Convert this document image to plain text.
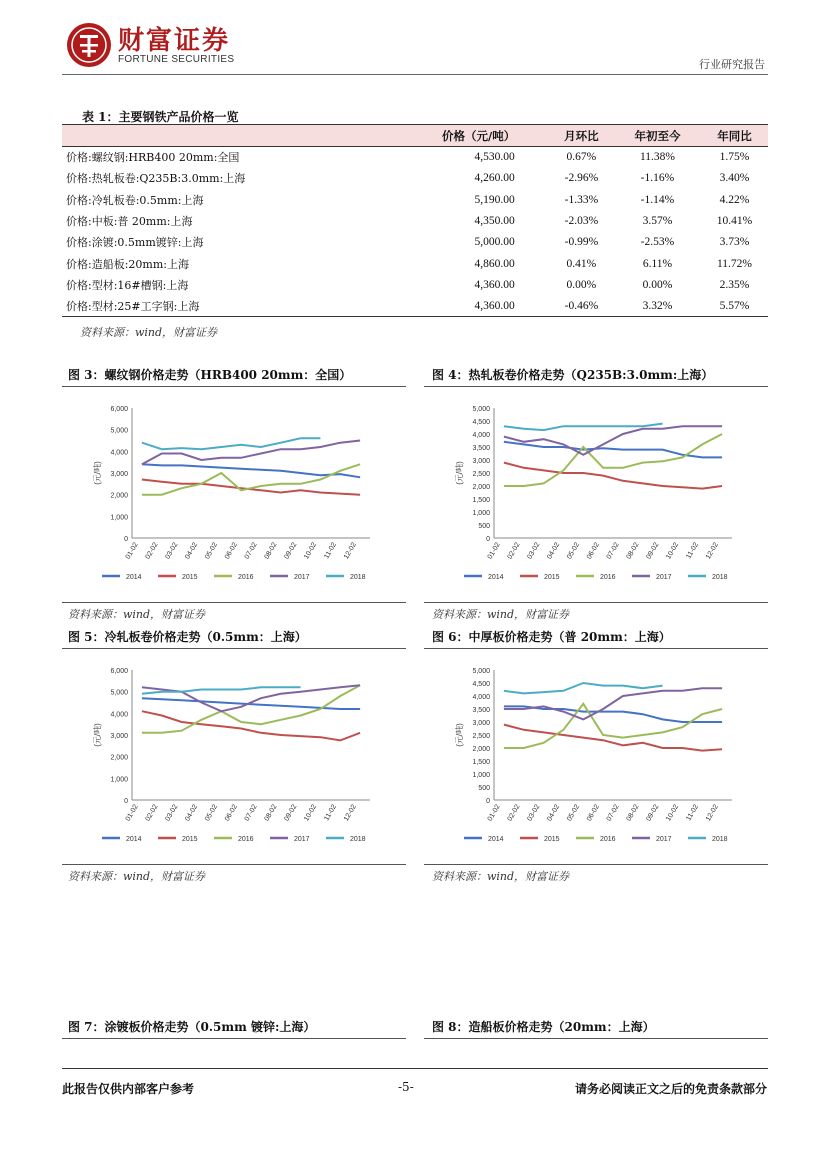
财富证券
FORTUNE SECURITIES	行业研究报告
表 1：主要钢铁产品价格一览
	价格（元/吨）	月环比	年初至今	年同比
价格:螺纹钢:HRB400 20mm:全国	4,530.00	0.67%	11.38%	1.75%
价格:热轧板卷:Q235B:3.0mm:上海	4,260.00	-2.96%	-1.16%	3.40%
价格:冷轧板卷:0.5mm:上海	5,190.00	-1.33%	-1.14%	4.22%
价格:中板:普 20mm:上海	4,350.00	-2.03%	3.57%	10.41%
价格:涂镀:0.5mm镀锌:上海	5,000.00	-0.99%	-2.53%	3.73%
价格:造船板:20mm:上海	4,860.00	0.41%	6.11%	11.72%
价格:型材:16#槽钢:上海	4,360.00	0.00%	0.00%	2.35%
价格:型材:25#工字钢:上海	4,360.00	-0.46%	3.32%	5.57%
资料来源：wind，财富证券
图 3：螺纹钢价格走势（HRB400 20mm：全国）	图 4：热轧板卷价格走势（Q235B:3.0mm:上海）
0
1,000
2,000
3,000
4,000
5,000
6,000
(元/吨)
01-02 02-02 03-02 04-02 05-02 06-02 07-02 08-02 09-02 10-02 11-02 12-02
2014	2015	2016	2017	2018
0
500
1,000
1,500
2,000
2,500
3,000
3,500
4,000
4,500
5,000
(元/吨)
01-02 02-02 03-02 04-02 05-02 06-02 07-02 08-02 09-02 10-02 11-02 12-02
2014	2015	2016	2017	2018
资料来源：wind，财富证券	资料来源：wind，财富证券
图 5：冷轧板卷价格走势（0.5mm：上海）	图 6：中厚板价格走势（普 20mm：上海）
0
1,000
2,000
3,000
4,000
5,000
6,000
(元/吨)
01-02 02-02 03-02 04-02 05-02 06-02 07-02 08-02 09-02 10-02 11-02 12-02
2014	2015	2016	2017	2018
0
500
1,000
1,500
2,000
2,500
3,000
3,500
4,000
4,500
5,000
(元/吨)
01-02 02-02 03-02 04-02 05-02 06-02 07-02 08-02 09-02 10-02 11-02 12-02
2014	2015	2016	2017	2018
资料来源：wind，财富证券	资料来源：wind，财富证券
图 7：涂镀板价格走势（0.5mm 镀锌:上海）	图 8：造船板价格走势（20mm：上海）
此报告仅供内部客户参考	-5-	请务必阅读正文之后的免责条款部分
